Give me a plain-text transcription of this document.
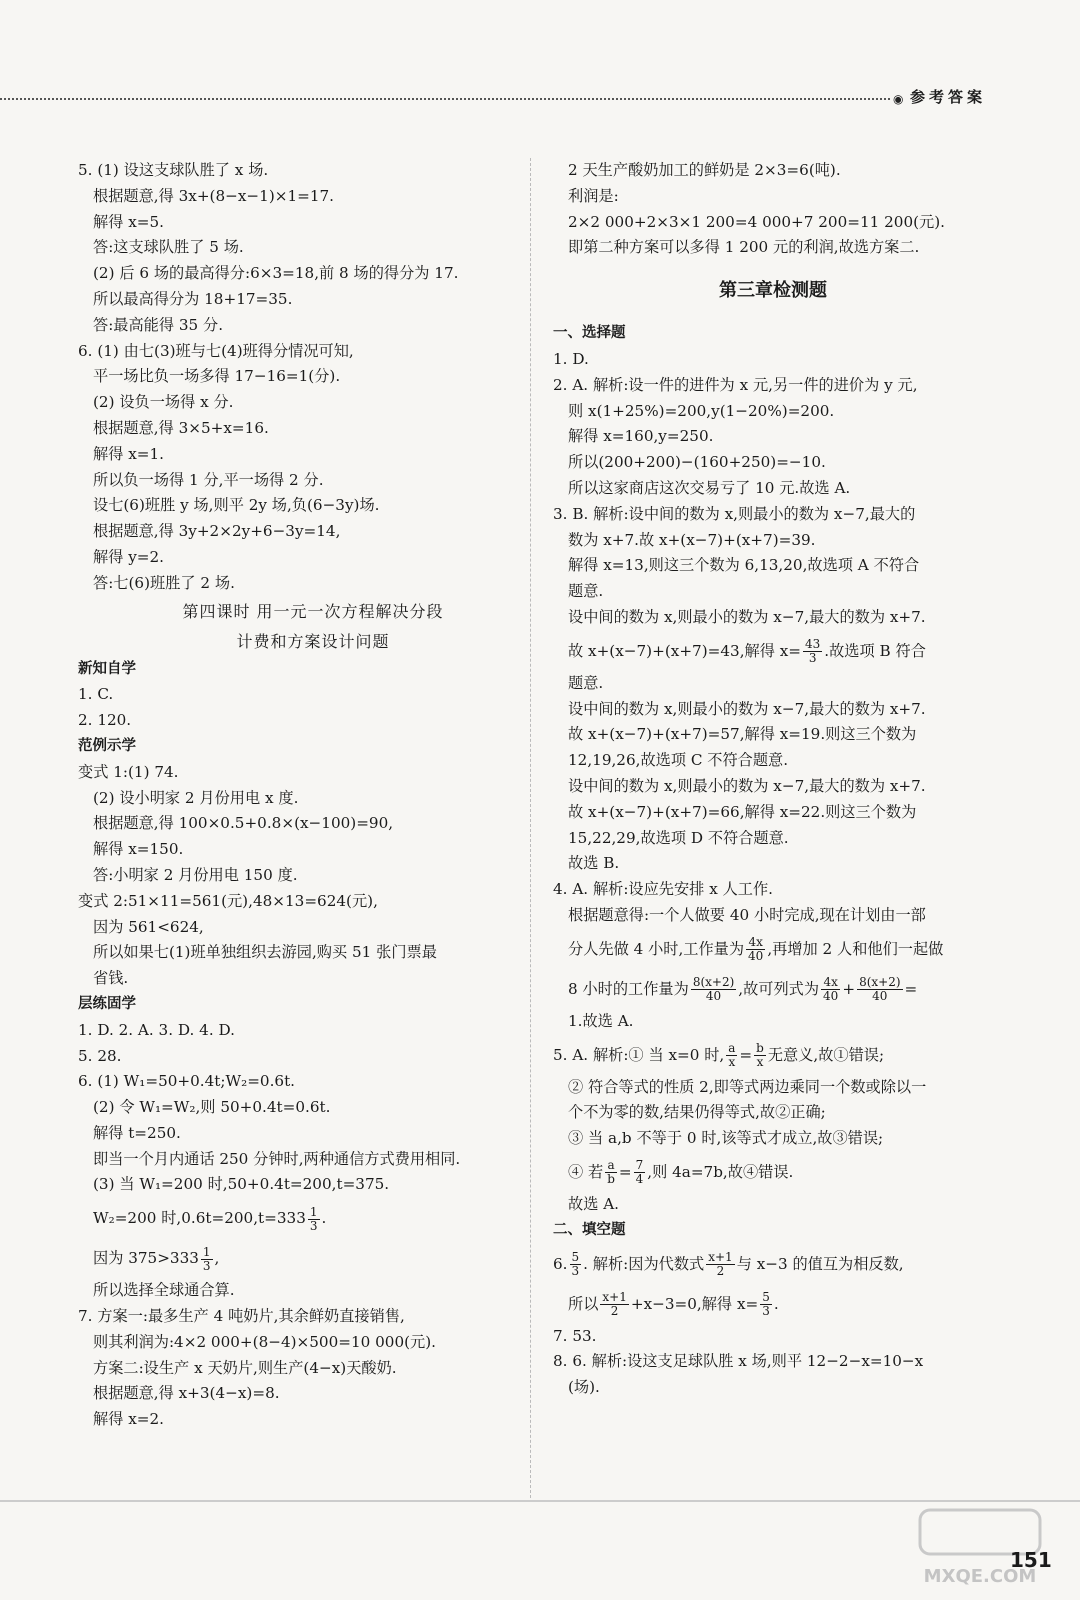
◉ 参考答案
5. (1) 设这支球队胜了 x 场.
根据题意,得 3x+(8−x−1)×1=17.
解得 x=5.
答:这支球队胜了 5 场.
(2) 后 6 场的最高得分:6×3=18,前 8 场的得分为 17.
所以最高得分为 18+17=35.
答:最高能得 35 分.
6. (1) 由七(3)班与七(4)班得分情况可知,
平一场比负一场多得 17−16=1(分).
(2) 设负一场得 x 分.
根据题意,得 3×5+x=16.
解得 x=1.
所以负一场得 1 分,平一场得 2 分.
设七(6)班胜 y 场,则平 2y 场,负(6−3y)场.
根据题意,得 3y+2×2y+6−3y=14,
解得 y=2.
答:七(6)班胜了 2 场.
第四课时 用一元一次方程解决分段
计费和方案设计问题
新知自学
1. C.
2. 120.
范例示学
变式 1:(1) 74.
(2) 设小明家 2 月份用电 x 度.
根据题意,得 100×0.5+0.8×(x−100)=90,
解得 x=150.
答:小明家 2 月份用电 150 度.
变式 2:51×11=561(元),48×13=624(元),
因为 561<624,
所以如果七(1)班单独组织去游园,购买 51 张门票最
省钱.
层练固学
1. D. 2. A. 3. D. 4. D.
5. 28.
6. (1) W₁=50+0.4t;W₂=0.6t.
(2) 令 W₁=W₂,则 50+0.4t=0.6t.
解得 t=250.
即当一个月内通话 250 分钟时,两种通信方式费用相同.
(3) 当 W₁=200 时,50+0.4t=200,t=375.
W₂=200 时$,0.6t=200,t=333 \frac{1}{3}$ .
因为 $375>333 \frac{1}{3}$ ,
所以选择全球通合算.
7. 方案一:最多生产 4 吨奶片,其余鲜奶直接销售,
则其利润为:4×2 000+(8−4)×500=10 000(元).
方案二:设生产 x 天奶片,则生产(4−x)天酸奶.
根据题意,得 x+3(4−x)=8.
解得 x=2.
2 天生产酸奶加工的鲜奶是 2×3=6(吨).
利润是:
2×2 000+2×3×1 200=4 000+7 200=11 200(元).
即第二种方案可以多得 1 200 元的利润,故选方案二.
第三章检测题
一、选择题
1. D.
2. A. 解析:设一件的进件为 x 元,另一件的进价为 y 元,
则 x(1+25%)=200,y(1−20%)=200.
解得 x=160,y=250.
所以(200+200)−(160+250)=−10.
所以这家商店这次交易亏了 10 元.故选 A.
3. B. 解析:设中间的数为 x,则最小的数为 x−7,最大的
数为 x+7.故 x+(x−7)+(x+7)=39.
解得 x=13,则这三个数为 6,13,20,故选项 A 不符合
题意.
设中间的数为 x,则最小的数为 x−7,最大的数为 x+7.
故 x+(x−7)+(x+7)=43,解得 $x= \frac{43}{3}$ .故选项 B 符合
题意.
设中间的数为 x,则最小的数为 x−7,最大的数为 x+7.
故 x+(x−7)+(x+7)=57,解得 x=19.则这三个数为
12,19,26,故选项 C 不符合题意.
设中间的数为 x,则最小的数为 x−7,最大的数为 x+7.
故 x+(x−7)+(x+7)=66,解得 x=22.则这三个数为
15,22,29,故选项 D 不符合题意.
故选 B.
4. A. 解析:设应先安排 x 人工作.
根据题意得:一个人做要 40 小时完成,现在计划由一部
分人先做 4 小时,工作量为 $\frac{4x}{40}$ ,再增加 2 人和他们一起做
8 小时的工作量为 $\frac{8(x+2)}{40}$ ,故可列式为 $\frac{4x}{40} + \frac{8(x+2)}{40}$ =
1.故选 A.
5. A. 解析:① 当 x=0 时, $\frac{a}{x} = \frac{b}{x}$ 无意义,故①错误;
② 符合等式的性质 2,即等式两边乘同一个数或除以一
个不为零的数,结果仍得等式,故②正确;
③ 当 a,b 不等于 0 时,该等式才成立,故③错误;
④ 若 $\frac{a}{b} = \frac{7}{4}$ ,则 4a=7b,故④错误.
故选 A.
二、填空题
6. $\frac{5}{3}$ . 解析:因为代数式 $\frac{x+1}{2}$ 与 x−3 的值互为相反数,
所以 $\frac{x+1}{2} +x-3=0$,解得 $x= \frac{5}{3}$ .
7. 53.
8. 6. 解析:设这支足球队胜 x 场,则平 12−2−x=10−x
(场).
MXQE.COM
151
